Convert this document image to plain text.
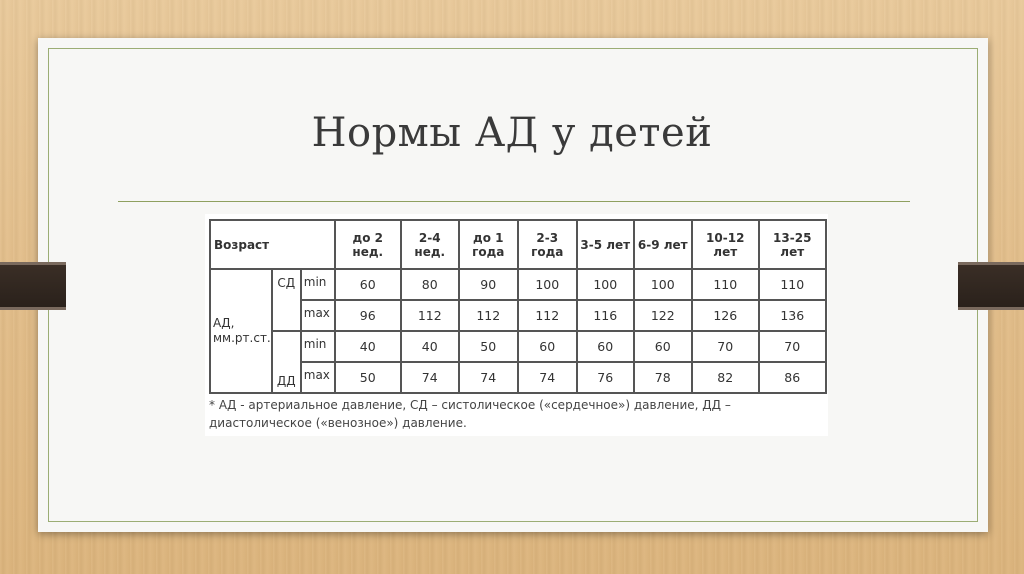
Нормы АД у детей
Возраст			до 2 нед.	2-4 нед.	до 1 года	2-3 года	3-5 лет	6-9 лет	10-12 лет	13-25 лет
АД, мм.рт.ст.	СД	min	60	80	90	100	100	100	110	110
		max	96	112	112	112	116	122	126	136
	ДД	min	40	40	50	60	60	60	70	70
		max	50	74	74	74	76	78	82	86
* АД - артериальное давление, СД – систолическое («сердечное») давление, ДД – диастолическое («венозное») давление.
